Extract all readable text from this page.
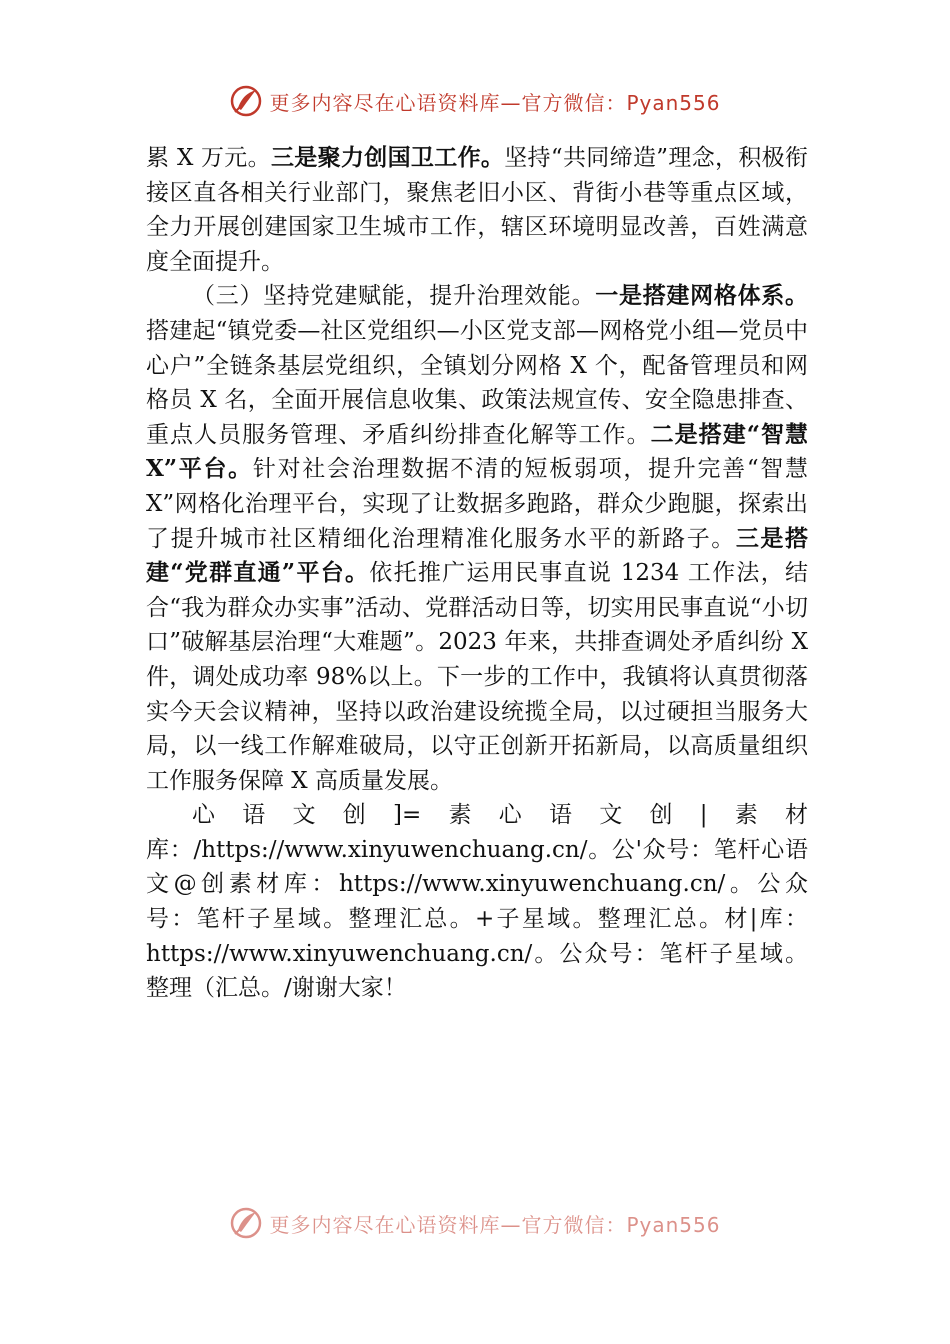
更多内容尽在心语资料库—官方微信：Pyan556

累 X 万元。三是聚力创国卫工作。坚持“共同缔造”理念，积极衔接区直各相关行业部门，聚焦老旧小区、背街小巷等重点区域，全力开展创建国家卫生城市工作，辖区环境明显改善，百姓满意度全面提升。

（三）坚持党建赋能，提升治理效能。一是搭建网格体系。搭建起“镇党委—社区党组织—小区党支部—网格党小组—党员中心户”全链条基层党组织，全镇划分网格 X 个，配备管理员和网格员 X 名，全面开展信息收集、政策法规宣传、安全隐患排查、重点人员服务管理、矛盾纠纷排查化解等工作。二是搭建“智慧 X”平台。针对社会治理数据不清的短板弱项，提升完善“智慧 X”网格化治理平台，实现了让数据多跑路，群众少跑腿，探索出了提升城市社区精细化治理精准化服务水平的新路子。三是搭建“党群直通”平台。依托推广运用民事直说 1234 工作法，结合“我为群众办实事”活动、党群活动日等，切实用民事直说“小切口”破解基层治理“大难题”。2023 年来，共排查调处矛盾纠纷 X 件，调处成功率 98%以上。下一步的工作中，我镇将认真贯彻落实今天会议精神，坚持以政治建设统揽全局，以过硬担当服务大局，以一线工作解难破局，以守正创新开拓新局，以高质量组织工作服务保障 X 高质量发展。

心语文创]=素心语文创|素材库：/https://www.xinyuwenchuang.cn/。公'众号：笔杆心语文@创素材库：https://www.xinyuwenchuang.cn/。公众号：笔杆子星域。整理汇总。+子星域。整理汇总。材|库：https://www.xinyuwenchuang.cn/。公众号：笔杆子星域。整理（汇总。/谢谢大家！

更多内容尽在心语资料库—官方微信：Pyan556
